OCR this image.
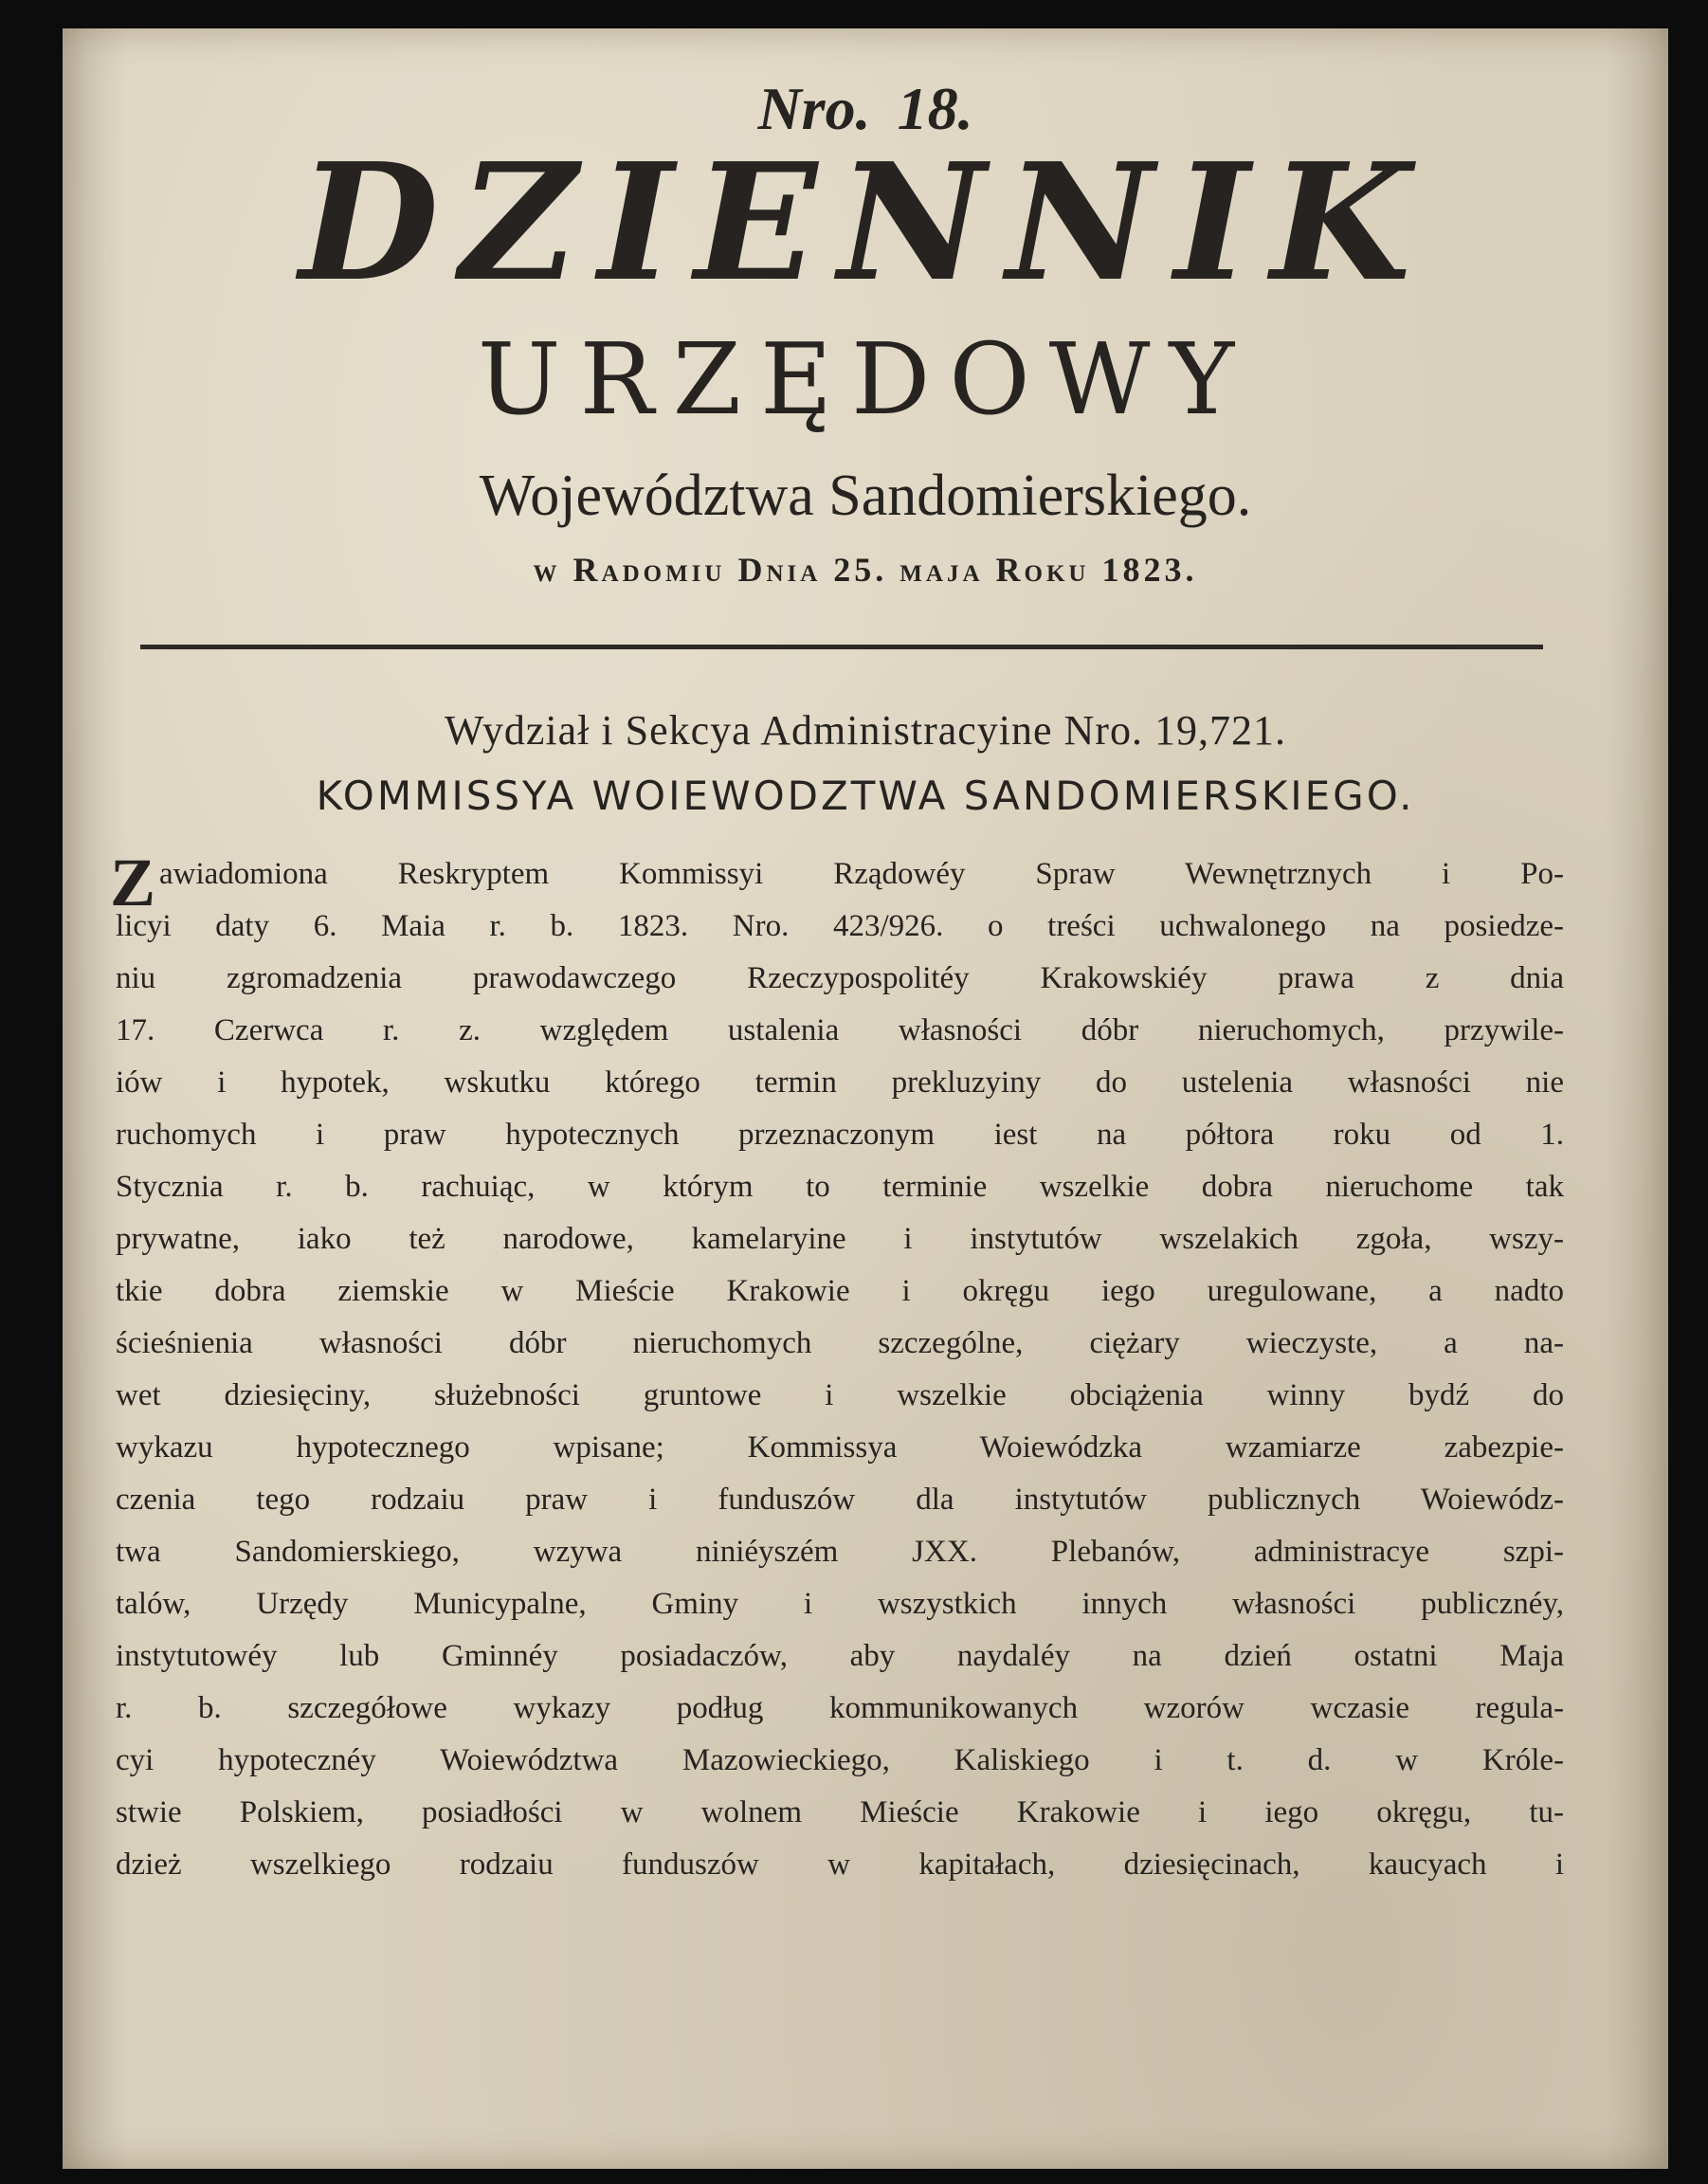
Nro. 18.
DZIENNIK
URZĘDOWY
Województwa Sandomierskiego.
w Radomiu Dnia 25. maja Roku 1823.
Wydział i Sekcya Administracyine Nro. 19,721.
KOMMISSYA WOIEWODZTWA SANDOMIERSKIEGO.
Z awiadomiona Reskryptem Kommissyi Rządowéy Spraw Wewnętrznych i Po-
licyi daty 6. Maia r. b. 1823. Nro. 423/926. o treści uchwalonego na posiedze-
niu zgromadzenia prawodawczego Rzeczypospolitéy Krakowskiéy prawa z dnia
17. Czerwca r. z. względem ustalenia własności dóbr nieruchomych, przywile-
iów i hypotek, wskutku którego termin prekluzyiny do ustelenia własności nie
ruchomych i praw hypotecznych przeznaczonym iest na półtora roku od 1.
Stycznia r. b. rachuiąc, w którym to terminie wszelkie dobra nieruchome tak
prywatne, iako też narodowe, kamelaryine i instytutów wszelakich zgoła, wszy-
tkie dobra ziemskie w Mieście Krakowie i okręgu iego uregulowane, a nadto
ścieśnienia własności dóbr nieruchomych szczególne, ciężary wieczyste, a na-
wet dziesięciny, służebności gruntowe i wszelkie obciążenia winny bydź do
wykazu hypotecznego wpisane; Kommissya Woiewódzka wzamiarze zabezpie-
czenia tego rodzaiu praw i funduszów dla instytutów publicznych Woiewódz-
twa Sandomierskiego, wzywa niniéyszém JXX. Plebanów, administracye szpi-
talów, Urzędy Municypalne, Gminy i wszystkich innych własności publicznéy,
instytutowéy lub Gminnéy posiadaczów, aby naydaléy na dzień ostatni Maja
r. b. szczegółowe wykazy podług kommunikowanych wzorów wczasie regula-
cyi hypotecznéy Woiewództwa Mazowieckiego, Kaliskiego i t. d. w Króle-
stwie Polskiem, posiadłości w wolnem Mieście Krakowie i iego okręgu, tu-
dzież wszelkiego rodzaiu funduszów w kapitałach, dziesięcinach, kaucyach i
